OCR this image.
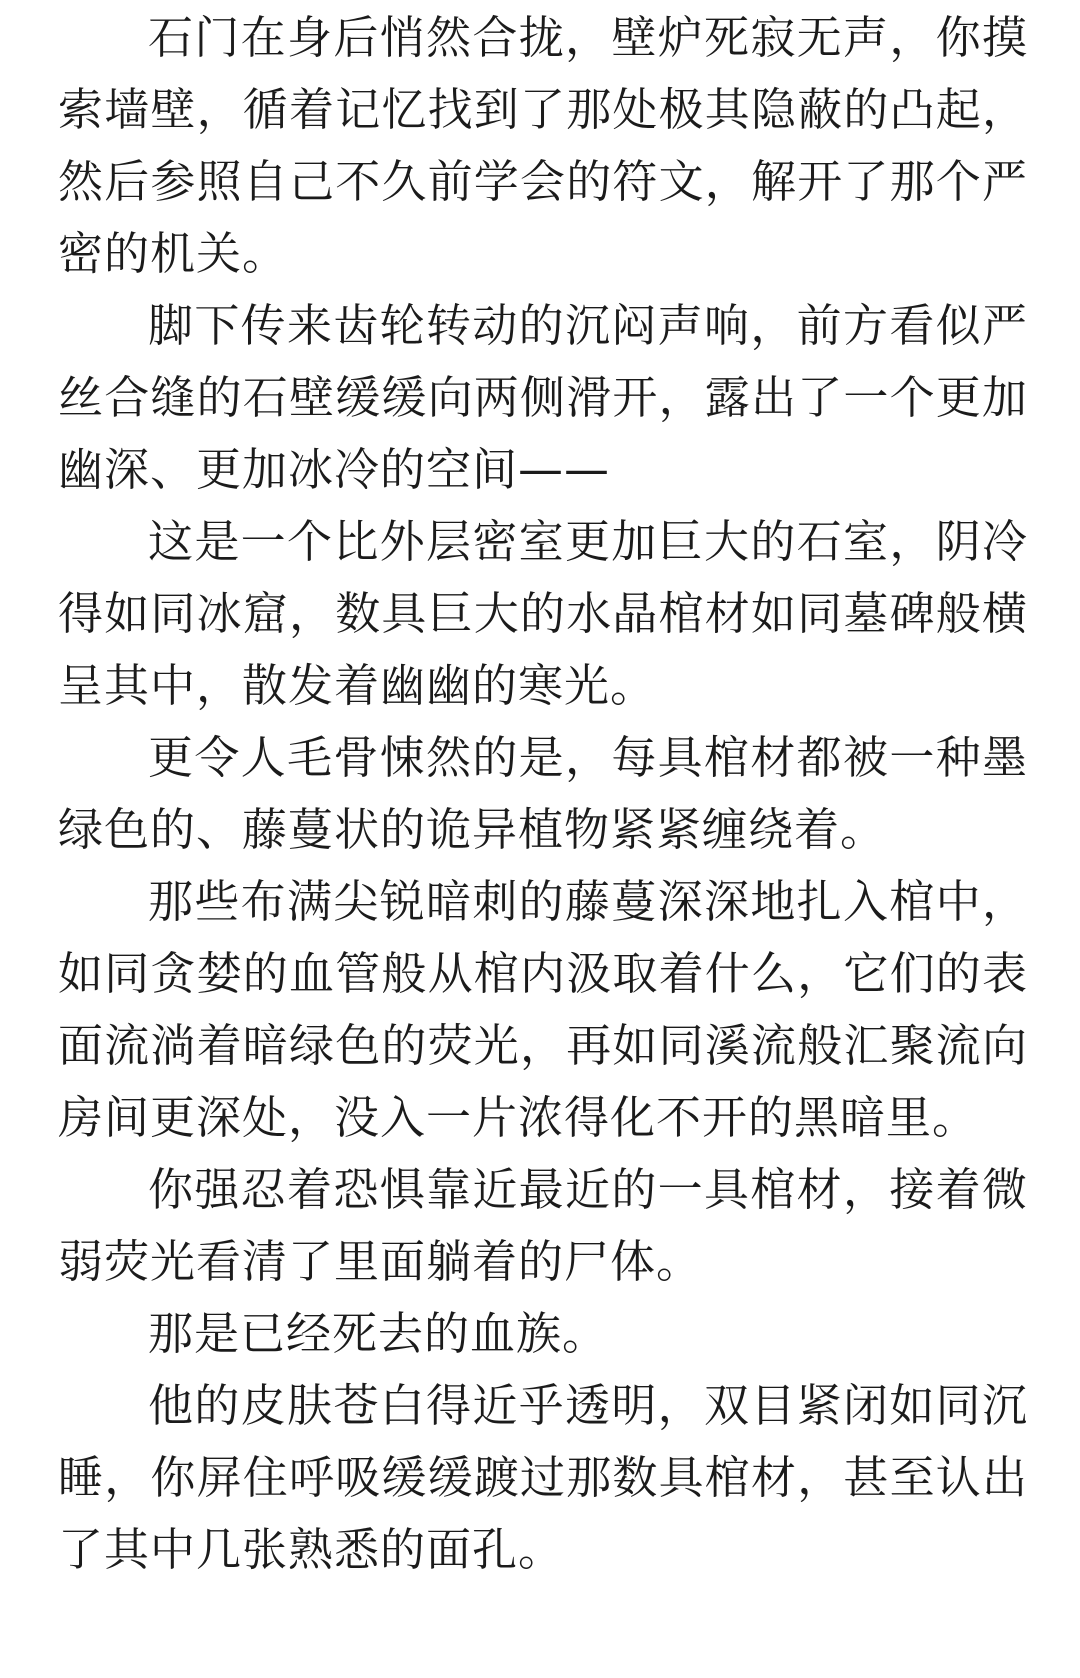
石门在身后悄然合拢，壁炉死寂无声，你摸索墙壁，循着记忆找到了那处极其隐蔽的凸起，然后参照自己不久前学会的符文，解开了那个严密的机关。

脚下传来齿轮转动的沉闷声响，前方看似严丝合缝的石壁缓缓向两侧滑开，露出了一个更加幽深、更加冰冷的空间——

这是一个比外层密室更加巨大的石室，阴冷得如同冰窟，数具巨大的水晶棺材如同墓碑般横呈其中，散发着幽幽的寒光。

更令人毛骨悚然的是，每具棺材都被一种墨绿色的、藤蔓状的诡异植物紧紧缠绕着。

那些布满尖锐暗刺的藤蔓深深地扎入棺中，如同贪婪的血管般从棺内汲取着什么，它们的表面流淌着暗绿色的荧光，再如同溪流般汇聚流向房间更深处，没入一片浓得化不开的黑暗里。

你强忍着恐惧靠近最近的一具棺材，接着微弱荧光看清了里面躺着的尸体。

那是已经死去的血族。

他的皮肤苍白得近乎透明，双目紧闭如同沉睡，你屏住呼吸缓缓踱过那数具棺材，甚至认出了其中几张熟悉的面孔。
